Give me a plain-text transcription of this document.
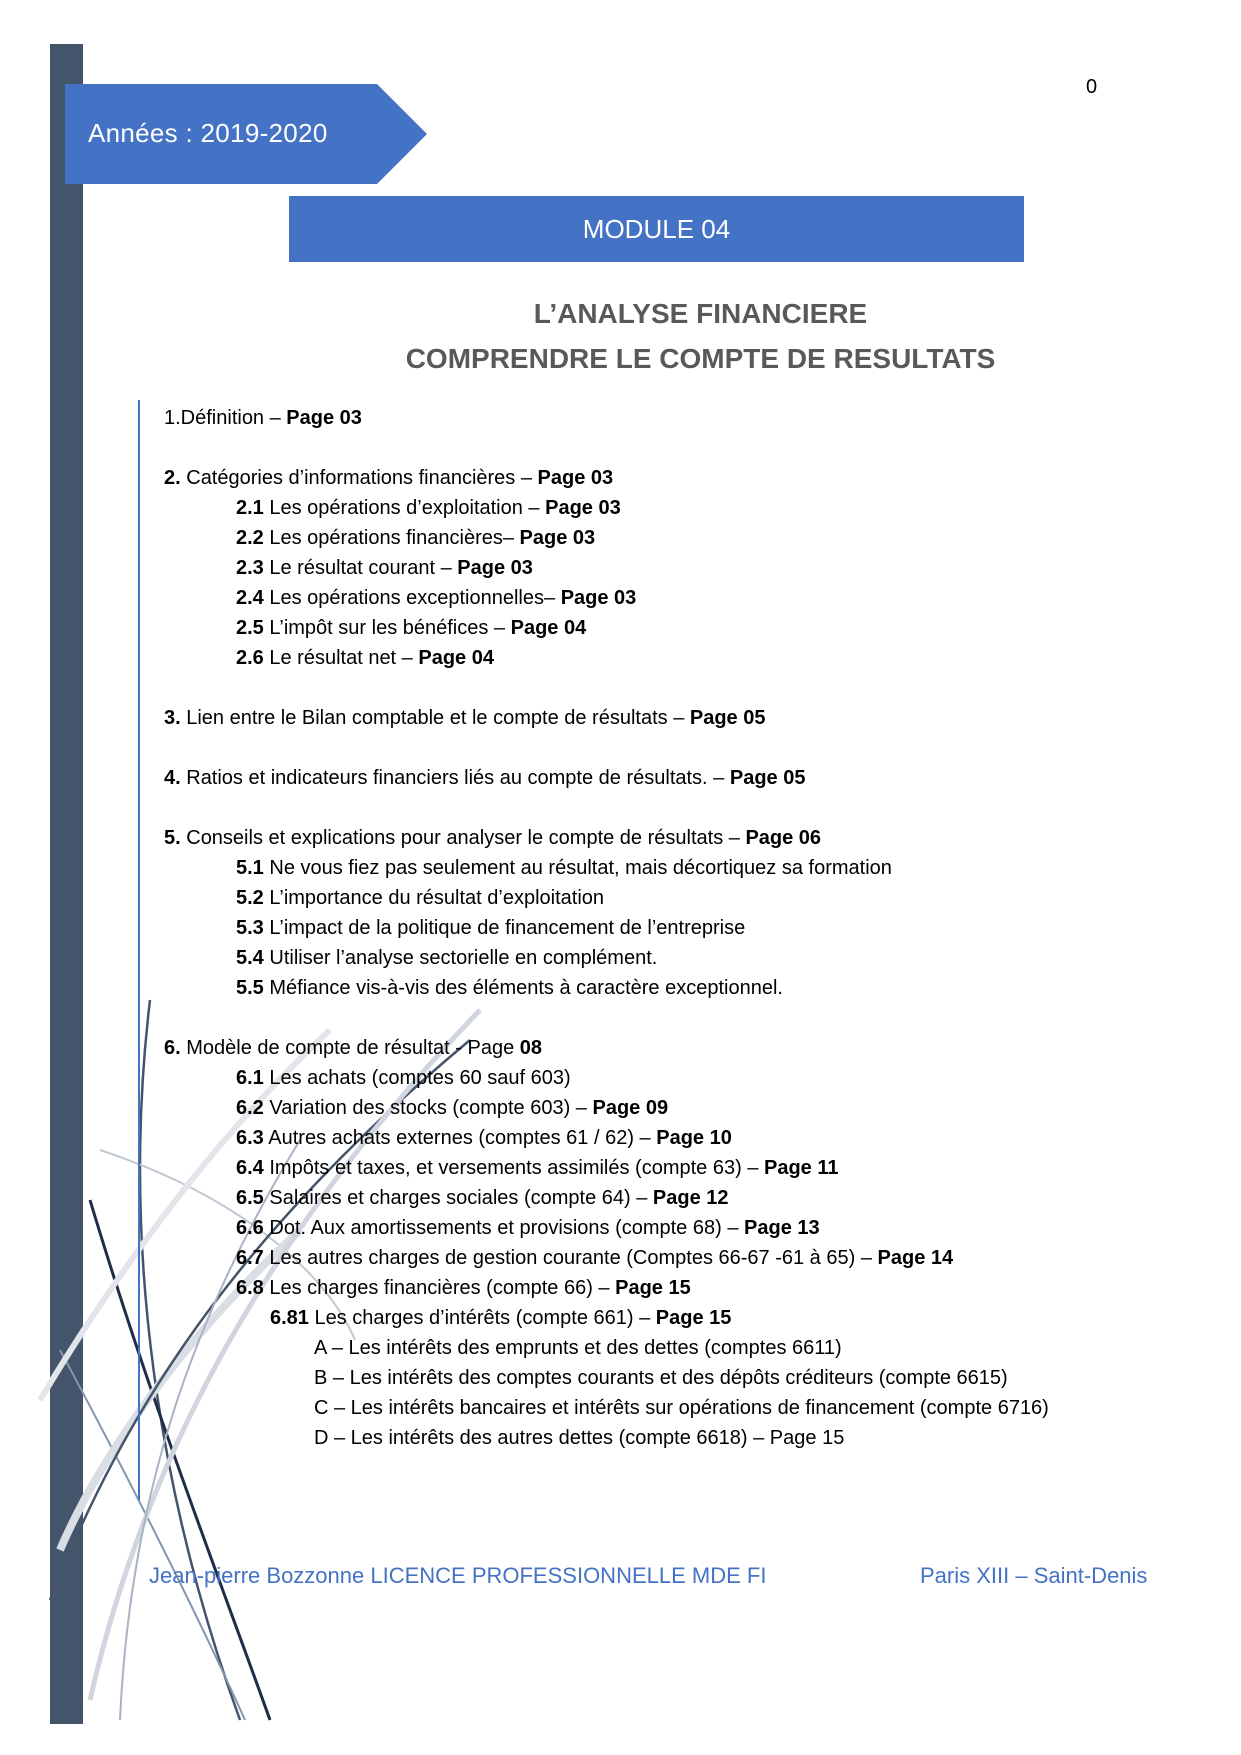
Années : 2019-2020
0
MODULE 04
L’ANALYSE FINANCIERE
COMPRENDRE LE COMPTE DE RESULTATS
1.Définition – Page 03
2. Catégories d’informations financières – Page 03
2.1 Les opérations d’exploitation – Page 03
2.2 Les opérations financières– Page 03
2.3 Le résultat courant – Page 03
2.4 Les opérations exceptionnelles– Page 03
2.5 L’impôt sur les bénéfices – Page 04
2.6 Le résultat net – Page 04
3. Lien entre le Bilan comptable et le compte de résultats – Page 05
4. Ratios et indicateurs financiers liés au compte de résultats. – Page 05
5. Conseils et explications pour analyser le compte de résultats – Page 06
5.1 Ne vous fiez pas seulement au résultat, mais décortiquez sa formation
5.2 L’importance du résultat d’exploitation
5.3 L’impact de la politique de financement de l’entreprise
5.4 Utiliser l’analyse sectorielle en complément.
5.5 Méfiance vis-à-vis des éléments à caractère exceptionnel.
6. Modèle de compte de résultat - Page 08
6.1 Les achats (comptes 60 sauf 603)
6.2 Variation des stocks (compte 603) – Page 09
6.3 Autres achats externes (comptes 61 / 62) – Page 10
6.4 Impôts et taxes, et versements assimilés (compte 63) – Page 11
6.5 Salaires et charges sociales (compte 64) – Page 12
6.6 Dot. Aux amortissements et provisions (compte 68) – Page 13
6.7 Les autres charges de gestion courante (Comptes 66-67 -61 à 65) – Page 14
6.8 Les charges financières (compte 66) – Page 15
6.81 Les charges d’intérêts (compte 661) – Page 15
A – Les intérêts des emprunts et des dettes (comptes 6611)
B – Les intérêts des comptes courants et des dépôts créditeurs (compte 6615)
C – Les intérêts bancaires et intérêts sur opérations de financement (compte 6716)
D – Les intérêts des autres dettes (compte 6618) – Page 15
Jean-pierre Bozzonne LICENCE PROFESSIONNELLE MDE FI	Paris XIII – Saint-Denis
